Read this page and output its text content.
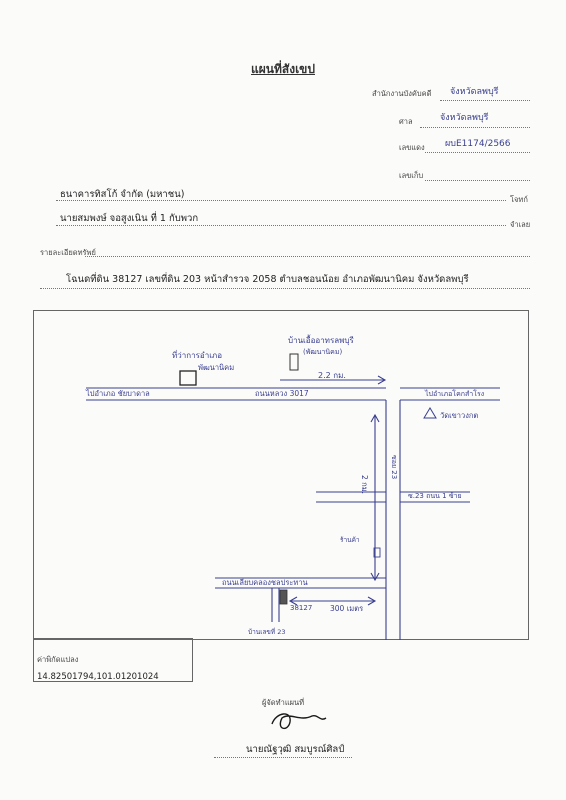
แผนที่สังเขป
สำนักงานบังคับคดี จังหวัดลพบุรี
ศาล	จังหวัดลพบุรี
เลขแดง ผบE1174/2566
เลขเก็บ
ธนาคารทิสโก้ จำกัด (มหาชน)	โจทก์
นายสมพงษ์ จอสูงเนิน ที่ 1 กับพวก
จำเลย
รายละเอียดทรัพย์
โฉนดที่ดิน 38127 เลขที่ดิน 203 หน้าสำรวจ 2058 ตำบลชอนน้อย อำเภอพัฒนานิคม จังหวัดลพบุรี
ที่ว่าการอำเภอ
พัฒนานิคม
บ้านเอื้ออาทรลพบุรี
(พัฒนานิคม)
2.2 กม.
ไปอำเภอ ชัยบาดาล	ถนนหลวง 3017	ไปอำเภอโคกสำโรง
วัดเขาวงกต
2 กม.
ซอย 23
ซ.23 ถนน 1 ซ้าย
ร้านค้า
ถนนเลียบคลองชลประทาน
38127 300 เมตร
บ้านเลขที่ 23
ค่าพิกัดแปลง
14.82501794,101.01201024
ผู้จัดทำแผนที่
นายณัฐวุฒิ สมบูรณ์ศิลป์
